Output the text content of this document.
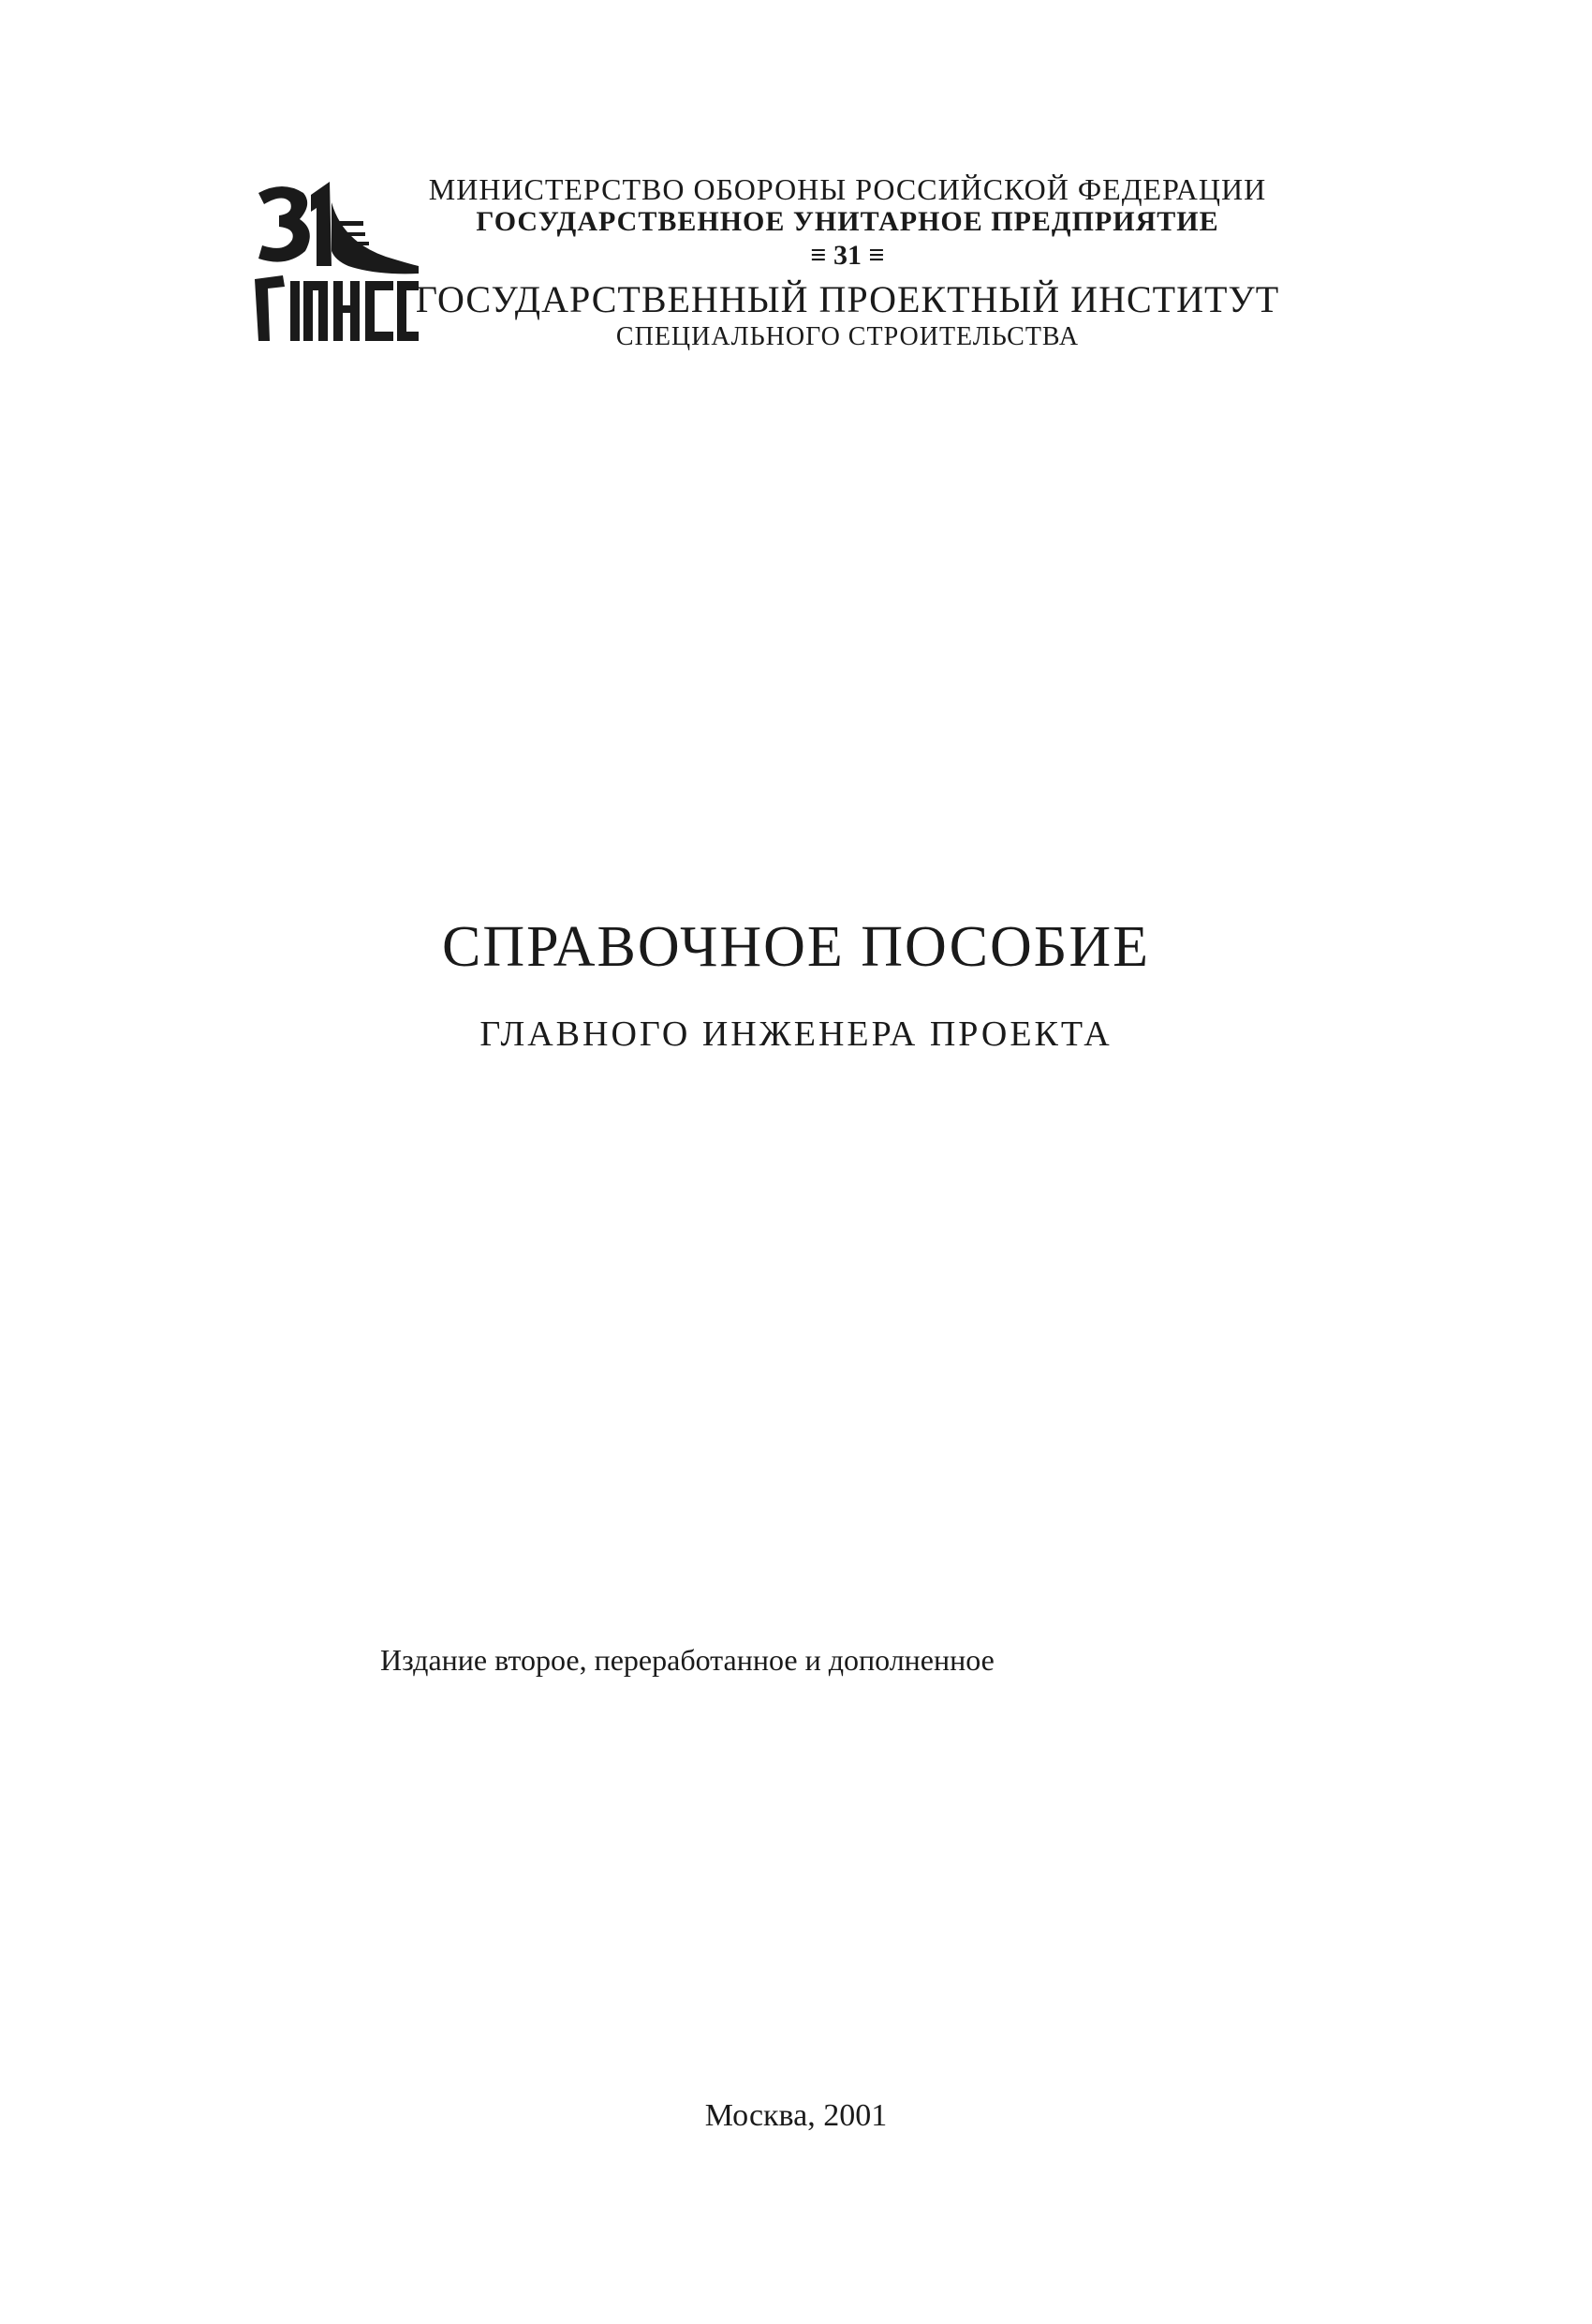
МИНИСТЕРСТВО ОБОРОНЫ РОССИЙСКОЙ ФЕДЕРАЦИИ
ГОСУДАРСТВЕННОЕ УНИТАРНОЕ ПРЕДПРИЯТИЕ
≡ 31 ≡
ГОСУДАРСТВЕННЫЙ ПРОЕКТНЫЙ ИНСТИТУТ
СПЕЦИАЛЬНОГО СТРОИТЕЛЬСТВА
СПРАВОЧНОЕ ПОСОБИЕ
ГЛАВНОГО ИНЖЕНЕРА ПРОЕКТА
Издание второе, переработанное и дополненное
Москва, 2001
